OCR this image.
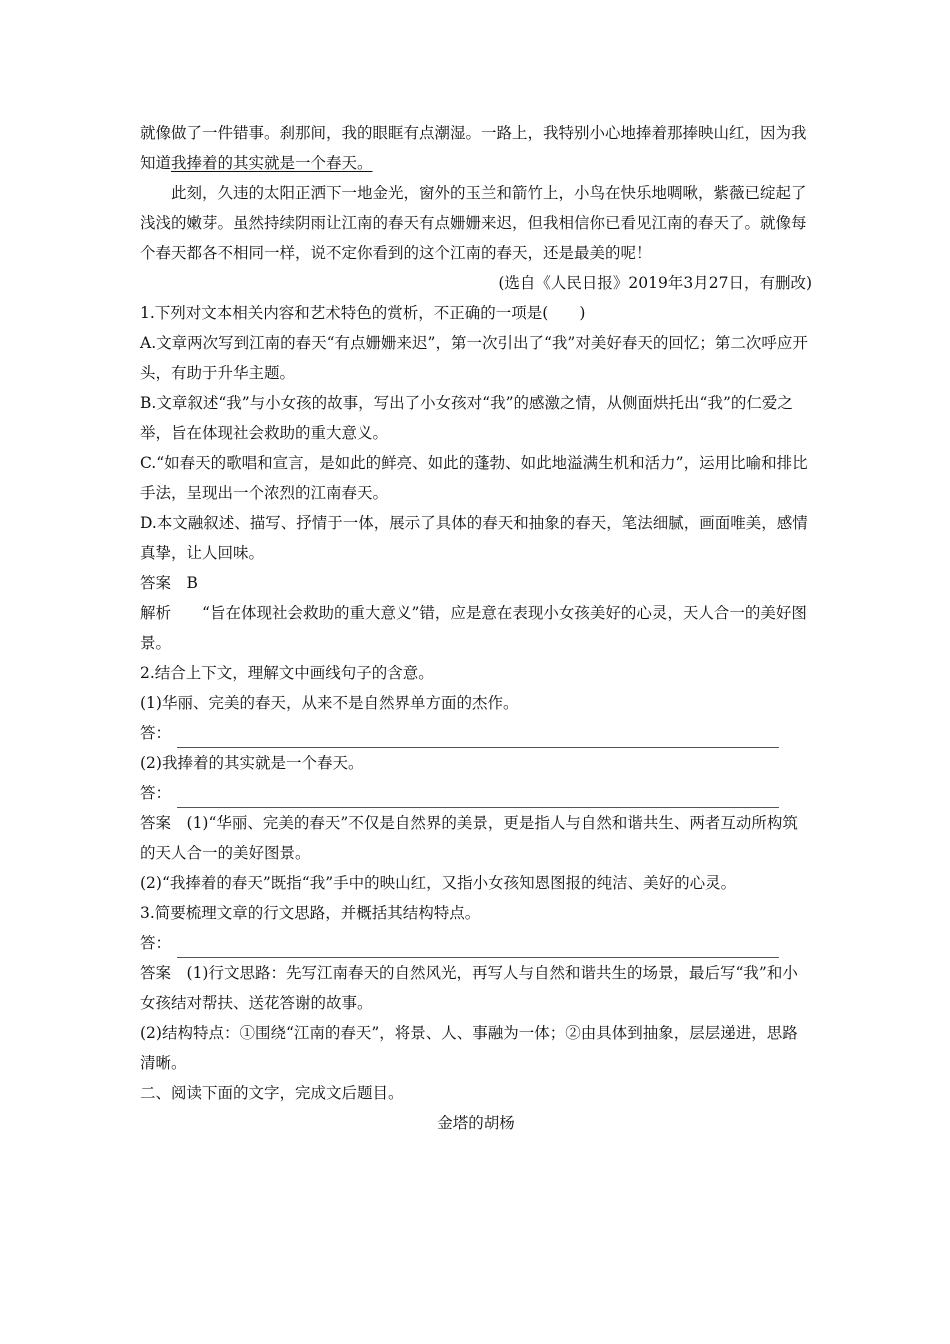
就像做了一件错事。刹那间，我的眼眶有点潮湿。一路上，我特别小心地捧着那捧映山红，因为我知道我捧着的其实就是一个春天。

此刻，久违的太阳正洒下一地金光，窗外的玉兰和箭竹上，小鸟在快乐地啁啾，紫薇已绽起了浅浅的嫩芽。虽然持续阴雨让江南的春天有点姗姗来迟，但我相信你已看见江南的春天了。就像每个春天都各不相同一样，说不定你看到的这个江南的春天，还是最美的呢！

(选自《人民日报》2019年3月27日，有删改)

1.下列对文本相关内容和艺术特色的赏析，不正确的一项是(　　)

A.文章两次写到江南的春天“有点姗姗来迟”，第一次引出了“我”对美好春天的回忆；第二次呼应开头，有助于升华主题。

B.文章叙述“我”与小女孩的故事，写出了小女孩对“我”的感激之情，从侧面烘托出“我”的仁爱之举，旨在体现社会救助的重大意义。

C.“如春天的歌唱和宣言，是如此的鲜亮、如此的蓬勃、如此地溢满生机和活力”，运用比喻和排比手法，呈现出一个浓烈的江南春天。

D.本文融叙述、描写、抒情于一体，展示了具体的春天和抽象的春天，笔法细腻，画面唯美，感情真挚，让人回味。

答案 B

解析 “旨在体现社会救助的重大意义”错，应是意在表现小女孩美好的心灵，天人合一的美好图景。

2.结合上下文，理解文中画线句子的含意。

(1)华丽、完美的春天，从来不是自然界单方面的杰作。

答：

(2)我捧着的其实就是一个春天。

答：

答案 (1)“华丽、完美的春天”不仅是自然界的美景，更是指人与自然和谐共生、两者互动所构筑的天人合一的美好图景。

(2)“我捧着的春天”既指“我”手中的映山红，又指小女孩知恩图报的纯洁、美好的心灵。

3.简要梳理文章的行文思路，并概括其结构特点。

答：

答案 (1)行文思路：先写江南春天的自然风光，再写人与自然和谐共生的场景，最后写“我”和小女孩结对帮扶、送花答谢的故事。

(2)结构特点：①围绕“江南的春天”，将景、人、事融为一体；②由具体到抽象，层层递进，思路清晰。

二、阅读下面的文字，完成文后题目。

金塔的胡杨
